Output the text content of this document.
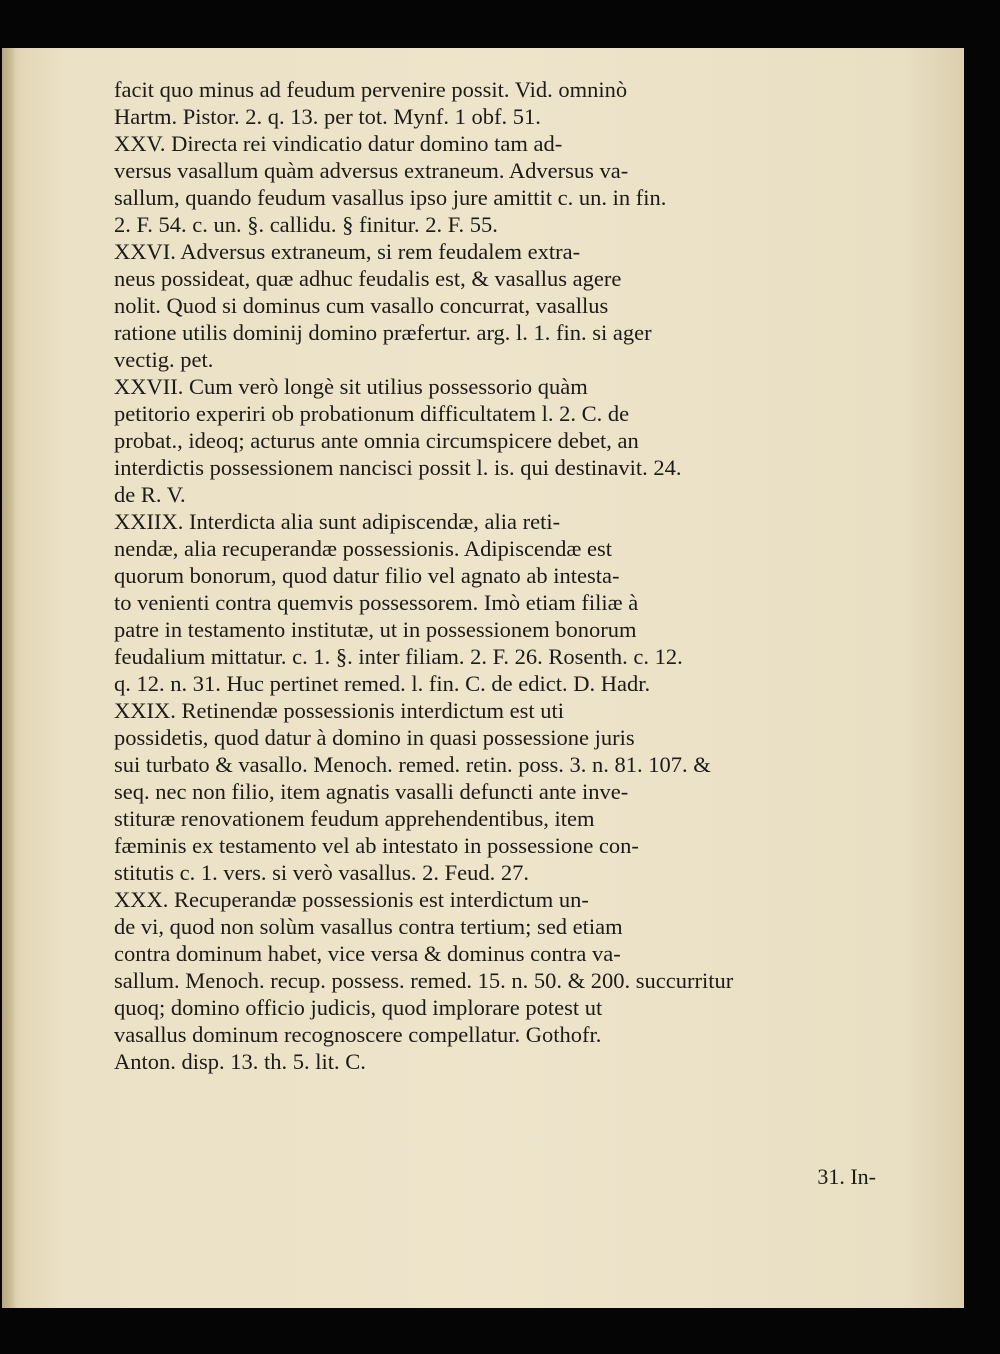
facit quo minus ad feudum pervenire possit. Vid. omninò
Hartm. Pistor. 2. q. 13. per tot. Mynf. 1 obf. 51.
XXV. Directa rei vindicatio datur domino tam ad-
versus vasallum quàm adversus extraneum. Adversus va-
sallum, quando feudum vasallus ipso jure amittit c. un. in fin.
2. F. 54. c. un. §. callidu. § finitur. 2. F. 55.
XXVI. Adversus extraneum, si rem feudalem extra-
neus possideat, quæ adhuc feudalis est, & vasallus agere
nolit. Quod si dominus cum vasallo concurrat, vasallus
ratione utilis dominij domino præfertur. arg. l. 1. fin. si ager
vectig. pet.
XXVII. Cum verò longè sit utilius possessorio quàm
petitorio experiri ob probationum difficultatem l. 2. C. de
probat., ideoq; acturus ante omnia circumspicere debet, an
interdictis possessionem nancisci possit l. is. qui destinavit. 24.
de R. V.
XXIIX. Interdicta alia sunt adipiscendæ, alia reti-
nendæ, alia recuperandæ possessionis. Adipiscendæ est
quorum bonorum, quod datur filio vel agnato ab intesta-
to venienti contra quemvis possessorem. Imò etiam filiæ à
patre in testamento institutæ, ut in possessionem bonorum
feudalium mittatur. c. 1. §. inter filiam. 2. F. 26. Rosenth. c. 12.
q. 12. n. 31. Huc pertinet remed. l. fin. C. de edict. D. Hadr.
XXIX. Retinendæ possessionis interdictum est uti
possidetis, quod datur à domino in quasi possessione juris
sui turbato & vasallo. Menoch. remed. retin. poss. 3. n. 81. 107. &
seq. nec non filio, item agnatis vasalli defuncti ante inve-
stituræ renovationem feudum apprehendentibus, item
fæminis ex testamento vel ab intestato in possessione con-
stitutis c. 1. vers. si verò vasallus. 2. Feud. 27.
XXX. Recuperandæ possessionis est interdictum un-
de vi, quod non solùm vasallus contra tertium; sed etiam
contra dominum habet, vice versa & dominus contra va-
sallum. Menoch. recup. possess. remed. 15. n. 50. & 200. succurritur
quoq; domino officio judicis, quod implorare potest ut
vasallus dominum recognoscere compellatur. Gothofr.
Anton. disp. 13. th. 5. lit. C.
31. In-
